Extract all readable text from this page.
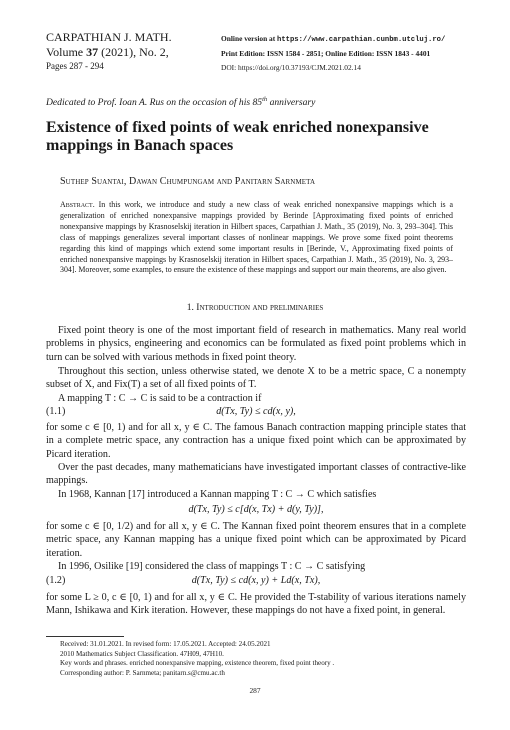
CARPATHIAN J. MATH.
Volume 37 (2021), No. 2,
Pages 287 - 294
Online version at https://www.carpathian.cunbm.utcluj.ro/
Print Edition: ISSN 1584 - 2851; Online Edition: ISSN 1843 - 4401
DOI: https://doi.org/10.37193/CJM.2021.02.14
Dedicated to Prof. Ioan A. Rus on the occasion of his 85th anniversary
Existence of fixed points of weak enriched nonexpansive mappings in Banach spaces
Suthep Suantai, Dawan Chumpungam and Panitarn Sarnmeta
Abstract. In this work, we introduce and study a new class of weak enriched nonexpansive mappings which is a generalization of enriched nonexpansive mappings provided by Berinde [Approximating fixed points of enriched nonexpansive mappings by Krasnoselskij iteration in Hilbert spaces, Carpathian J. Math., 35 (2019), No. 3, 293–304]. This class of mappings generalizes several important classes of nonlinear mappings. We prove some fixed point theorems regarding this kind of mappings which extend some important results in [Berinde, V., Approximating fixed points of enriched nonexpansive mappings by Krasnoselskij iteration in Hilbert spaces, Carpathian J. Math., 35 (2019), No. 3, 293–304]. Moreover, some examples, to ensure the existence of these mappings and support our main theorems, are also given.
1. Introduction and preliminaries
Fixed point theory is one of the most important field of research in mathematics. Many real world problems in physics, engineering and economics can be formulated as fixed point problems which in turn can be solved with various methods in fixed point theory.
Throughout this section, unless otherwise stated, we denote X to be a metric space, C a nonempty subset of X, and Fix(T) a set of all fixed points of T.
A mapping T : C → C is said to be a contraction if
(1.1)	d(Tx, Ty) ≤ cd(x, y),
for some c ∈ [0, 1) and for all x, y ∈ C. The famous Banach contraction mapping principle states that in a complete metric space, any contraction has a unique fixed point which can be approximated by Picard iteration.
Over the past decades, many mathematicians have investigated important classes of contractive-like mappings.
In 1968, Kannan [17] introduced a Kannan mapping T : C → C which satisfies
d(Tx, Ty) ≤ c[d(x, Tx) + d(y, Ty)],
for some c ∈ [0, 1/2) and for all x, y ∈ C. The Kannan fixed point theorem ensures that in a complete metric space, any Kannan mapping has a unique fixed point which can be approximated by Picard iteration.
In 1996, Osilike [19] considered the class of mappings T : C → C satisfying
(1.2)	d(Tx, Ty) ≤ cd(x, y) + Ld(x, Tx),
for some L ≥ 0, c ∈ [0, 1) and for all x, y ∈ C. He provided the T-stability of various iterations namely Mann, Ishikawa and Kirk iteration. However, these mappings do not have a fixed point, in general.
Received: 31.01.2021. In revised form: 17.05.2021. Accepted: 24.05.2021
2010 Mathematics Subject Classification. 47H09, 47H10.
Key words and phrases. enriched nonexpansive mapping, existence theorem, fixed point theory .
Corresponding author: P. Sarnmeta; panitarn.s@cmu.ac.th
287
